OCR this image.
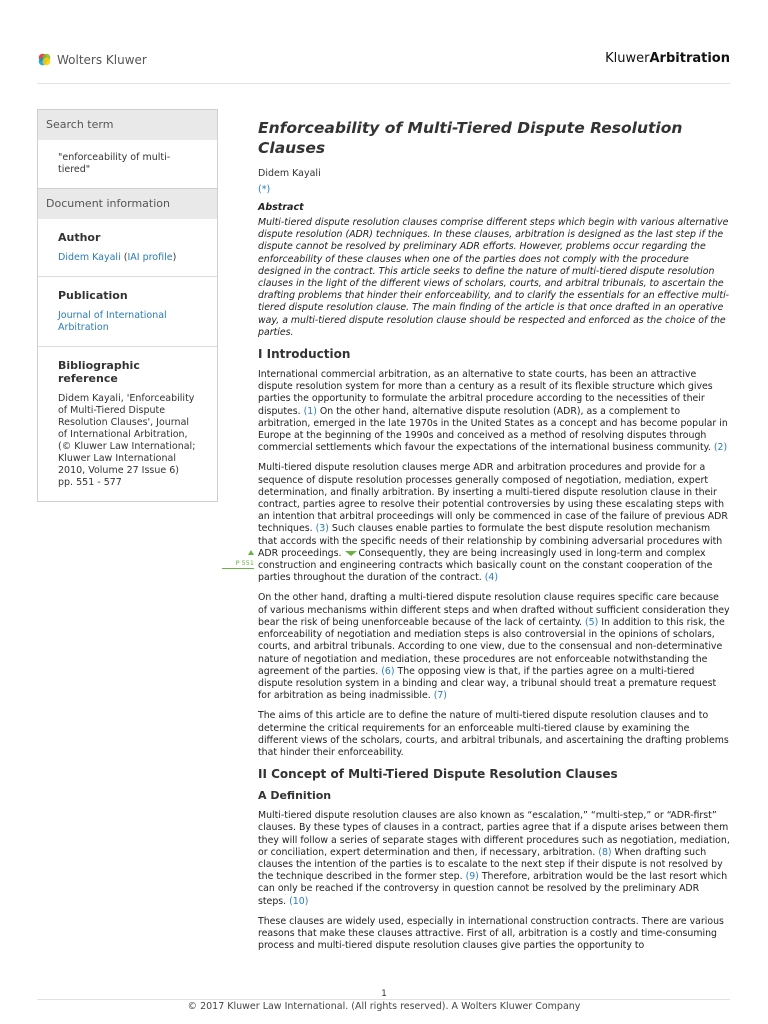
Wolters Kluwer	KluwerArbitration
Search term
"enforceability of multi-tiered"
Document information
Author
Didem Kayali (IAI profile)
Publication
Journal of International Arbitration
Bibliographic reference
Didem Kayali, 'Enforceability of Multi-Tiered Dispute Resolution Clauses', Journal of International Arbitration, (© Kluwer Law International; Kluwer Law International 2010, Volume 27 Issue 6) pp. 551 - 577
P 551
Enforceability of Multi-Tiered Dispute Resolution Clauses
Didem Kayali
(*)
Abstract

Multi-tiered dispute resolution clauses comprise different steps which begin with various alternative dispute resolution (ADR) techniques. In these clauses, arbitration is designed as the last step if the dispute cannot be resolved by preliminary ADR efforts. However, problems occur regarding the enforceability of these clauses when one of the parties does not comply with the procedure designed in the contract. This article seeks to define the nature of multi-tiered dispute resolution clauses in the light of the different views of scholars, courts, and arbitral tribunals, to ascertain the drafting problems that hinder their enforceability, and to clarify the essentials for an effective multi-tiered dispute resolution clause. The main finding of the article is that once drafted in an operative way, a multi-tiered dispute resolution clause should be respected and enforced as the choice of the parties.

I Introduction

International commercial arbitration, as an alternative to state courts, has been an attractive dispute resolution system for more than a century as a result of its flexible structure which gives parties the opportunity to formulate the arbitral procedure according to the necessities of their disputes. (1) On the other hand, alternative dispute resolution (ADR), as a complement to arbitration, emerged in the late 1970s in the United States as a concept and has become popular in Europe at the beginning of the 1990s and conceived as a method of resolving disputes through commercial settlements which favour the expectations of the international business community. (2)

Multi-tiered dispute resolution clauses merge ADR and arbitration procedures and provide for a sequence of dispute resolution processes generally composed of negotiation, mediation, expert determination, and finally arbitration. By inserting a multi-tiered dispute resolution clause in their contract, parties agree to resolve their potential controversies by using these escalating steps with an intention that arbitral proceedings will only be commenced in case of the failure of previous ADR techniques. (3) Such clauses enable parties to formulate the best dispute resolution mechanism that accords with the specific needs of their relationship by combining adversarial procedures with ADR proceedings. Consequently, they are being increasingly used in long-term and complex construction and engineering contracts which basically count on the constant cooperation of the parties throughout the duration of the contract. (4)

On the other hand, drafting a multi-tiered dispute resolution clause requires specific care because of various mechanisms within different steps and when drafted without sufficient consideration they bear the risk of being unenforceable because of the lack of certainty. (5) In addition to this risk, the enforceability of negotiation and mediation steps is also controversial in the opinions of scholars, courts, and arbitral tribunals. According to one view, due to the consensual and non-determinative nature of negotiation and mediation, these procedures are not enforceable notwithstanding the agreement of the parties. (6) The opposing view is that, if the parties agree on a multi-tiered dispute resolution system in a binding and clear way, a tribunal should treat a premature request for arbitration as being inadmissible. (7)

The aims of this article are to define the nature of multi-tiered dispute resolution clauses and to determine the critical requirements for an enforceable multi-tiered clause by examining the different views of the scholars, courts, and arbitral tribunals, and ascertaining the drafting problems that hinder their enforceability.

II Concept of Multi-Tiered Dispute Resolution Clauses
A Definition

Multi-tiered dispute resolution clauses are also known as “escalation,” “multi-step,” or “ADR-first” clauses. By these types of clauses in a contract, parties agree that if a dispute arises between them they will follow a series of separate stages with different procedures such as negotiation, mediation, or conciliation, expert determination and then, if necessary, arbitration. (8) When drafting such clauses the intention of the parties is to escalate to the next step if their dispute is not resolved by the technique described in the former step. (9) Therefore, arbitration would be the last resort which can only be reached if the controversy in question cannot be resolved by the preliminary ADR steps. (10)

These clauses are widely used, especially in international construction contracts. There are various reasons that make these clauses attractive. First of all, arbitration is a costly and time-consuming process and multi-tiered dispute resolution clauses give parties the opportunity to

1
© 2017 Kluwer Law International. (All rights reserved). A Wolters Kluwer Company
